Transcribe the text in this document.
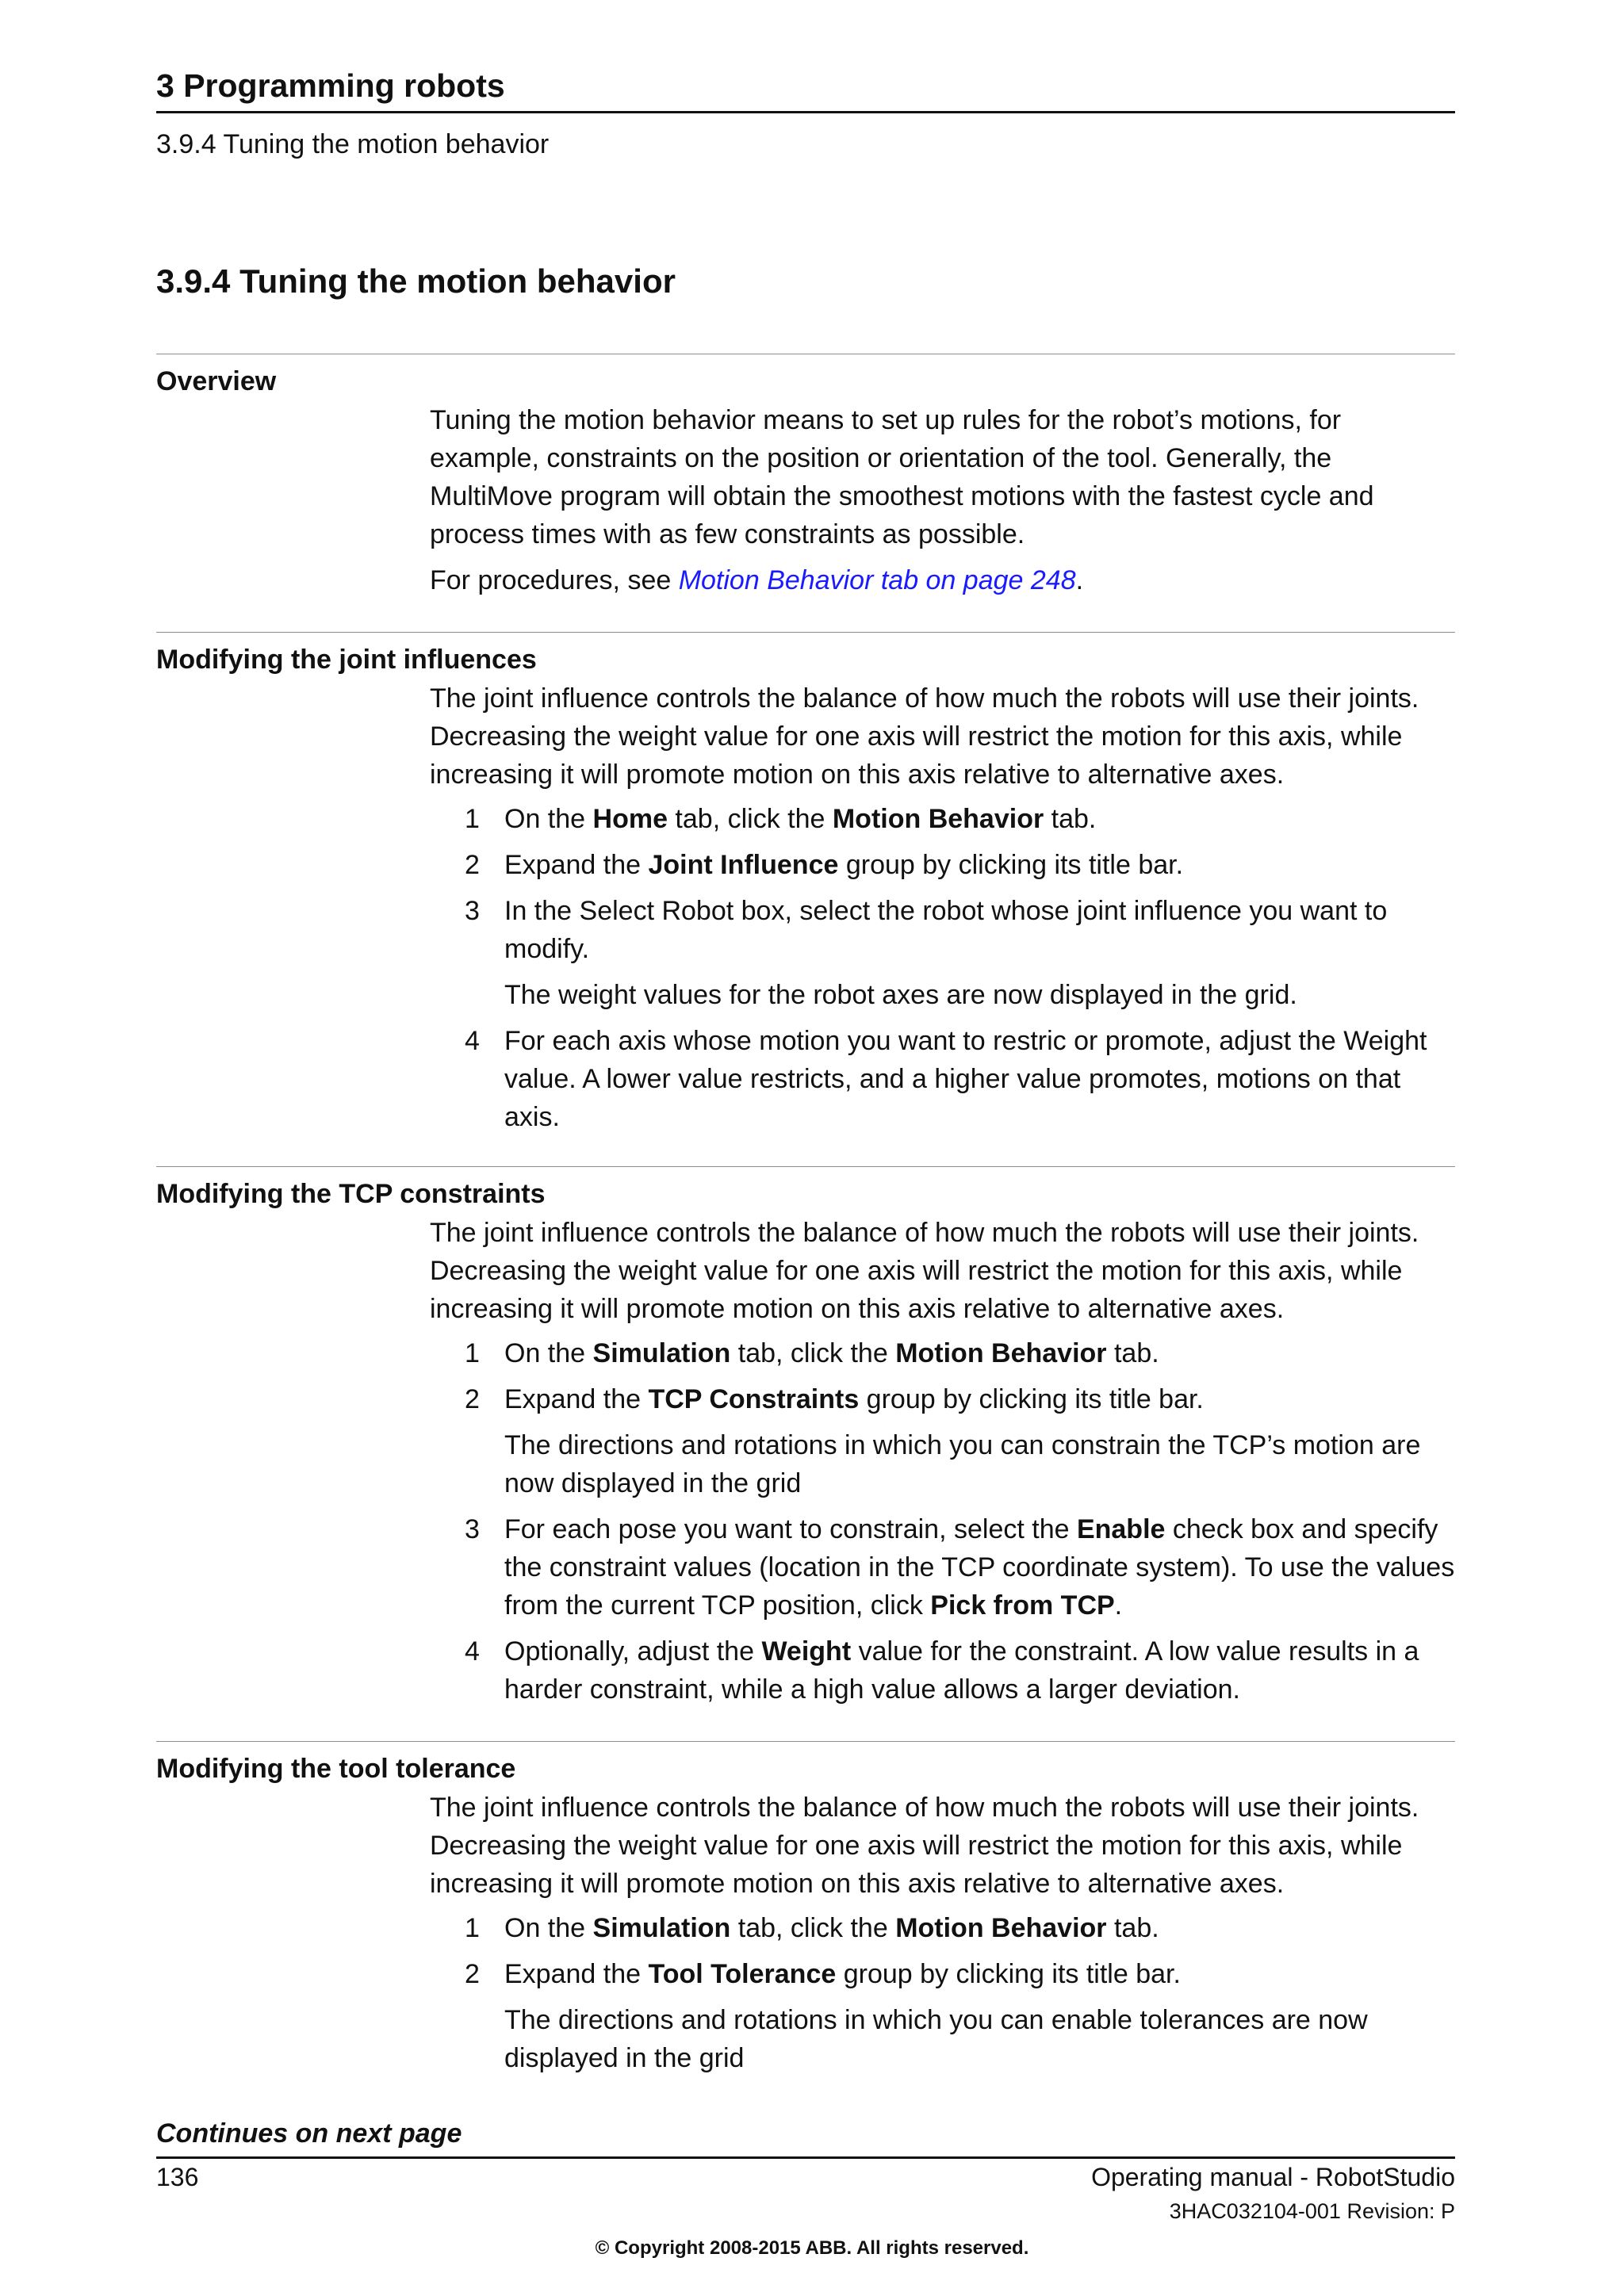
3 Programming robots
3.9.4 Tuning the motion behavior
3.9.4 Tuning the motion behavior
Overview

Tuning the motion behavior means to set up rules for the robot’s motions, for example, constraints on the position or orientation of the tool. Generally, the MultiMove program will obtain the smoothest motions with the fastest cycle and process times with as few constraints as possible.

For procedures, see Motion Behavior tab on page 248.

Modifying the joint influences

The joint influence controls the balance of how much the robots will use their joints. Decreasing the weight value for one axis will restrict the motion for this axis, while increasing it will promote motion on this axis relative to alternative axes.

1 On the Home tab, click the Motion Behavior tab.
2 Expand the Joint Influence group by clicking its title bar.
3 In the Select Robot box, select the robot whose joint influence you want to modify.
The weight values for the robot axes are now displayed in the grid.
4 For each axis whose motion you want to restric or promote, adjust the Weight value. A lower value restricts, and a higher value promotes, motions on that axis.
Modifying the TCP constraints

The joint influence controls the balance of how much the robots will use their joints. Decreasing the weight value for one axis will restrict the motion for this axis, while increasing it will promote motion on this axis relative to alternative axes.

1 On the Simulation tab, click the Motion Behavior tab.
2 Expand the TCP Constraints group by clicking its title bar.
The directions and rotations in which you can constrain the TCP’s motion are now displayed in the grid
3 For each pose you want to constrain, select the Enable check box and specify the constraint values (location in the TCP coordinate system). To use the values from the current TCP position, click Pick from TCP.
4 Optionally, adjust the Weight value for the constraint. A low value results in a harder constraint, while a high value allows a larger deviation.
Modifying the tool tolerance

The joint influence controls the balance of how much the robots will use their joints. Decreasing the weight value for one axis will restrict the motion for this axis, while increasing it will promote motion on this axis relative to alternative axes.

1 On the Simulation tab, click the Motion Behavior tab.
2 Expand the Tool Tolerance group by clicking its title bar.
The directions and rotations in which you can enable tolerances are now displayed in the grid
Continues on next page
136	Operating manual - RobotStudio
3HAC032104-001 Revision: P
© Copyright 2008-2015 ABB. All rights reserved.
